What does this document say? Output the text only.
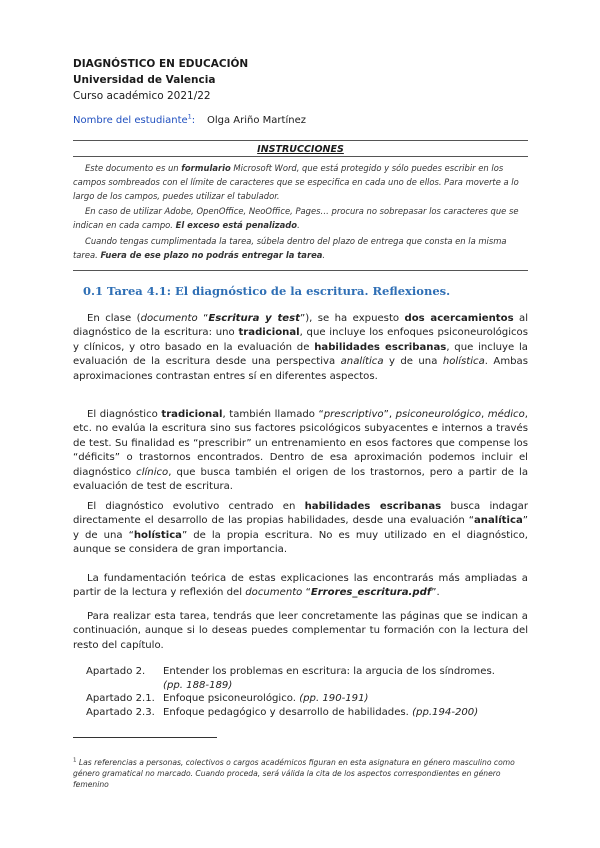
DIAGNÓSTICO EN EDUCACIÓN
Universidad de Valencia
Curso académico 2021/22
Nombre del estudiante$^1$: Olga Ariño Martínez
INSTRUCCIONES

Este documento es un formulario Microsoft Word, que está protegido y sólo puedes escribir en los campos sombreados con el límite de caracteres que se especifica en cada uno de ellos. Para moverte a lo largo de los campos, puedes utilizar el tabulador.

En caso de utilizar Adobe, OpenOffice, NeoOffice, Pages… procura no sobrepasar los caracteres que se indican en cada campo. El exceso está penalizado.

Cuando tengas cumplimentada la tarea, súbela dentro del plazo de entrega que consta en la misma tarea. Fuera de ese plazo no podrás entregar la tarea.

0.1 Tarea 4.1: El diagnóstico de la escritura. Reflexiones.

En clase (documento “Escritura y test”), se ha expuesto dos acercamientos al diagnóstico de la escritura: uno tradicional, que incluye los enfoques psiconeurológicos y clínicos, y otro basado en la evaluación de habilidades escribanas, que incluye la evaluación de la escritura desde una perspectiva analítica y de una holística. Ambas aproximaciones contrastan entres sí en diferentes aspectos.

El diagnóstico tradicional, también llamado “prescriptivo”, psiconeurológico, médico, etc. no evalúa la escritura sino sus factores psicológicos subyacentes e internos a través de test. Su finalidad es “prescribir” un entrenamiento en esos factores que compense los “déficits” o trastornos encontrados. Dentro de esa aproximación podemos incluir el diagnóstico clínico, que busca también el origen de los trastornos, pero a partir de la evaluación de test de escritura.

El diagnóstico evolutivo centrado en habilidades escribanas busca indagar directamente el desarrollo de las propias habilidades, desde una evaluación “analítica” y de una “holística” de la propia escritura. No es muy utilizado en el diagnóstico, aunque se considera de gran importancia.

La fundamentación teórica de estas explicaciones las encontrarás más ampliadas a partir de la lectura y reflexión del documento “Errores_escritura.pdf”.

Para realizar esta tarea, tendrás que leer concretamente las páginas que se indican a continuación, aunque si lo deseas puedes complementar tu formación con la lectura del resto del capítulo.

Apartado 2. Entender los problemas en escritura: la argucia de los síndromes.
(pp. 188-189)
Apartado 2.1. Enfoque psiconeurológico. (pp. 190-191)
Apartado 2.3. Enfoque pedagógico y desarrollo de habilidades. (pp.194-200)
$^1$ Las referencias a personas, colectivos o cargos académicos figuran en esta asignatura en género masculino como género gramatical no marcado. Cuando proceda, será válida la cita de los aspectos correspondientes en género femenino
